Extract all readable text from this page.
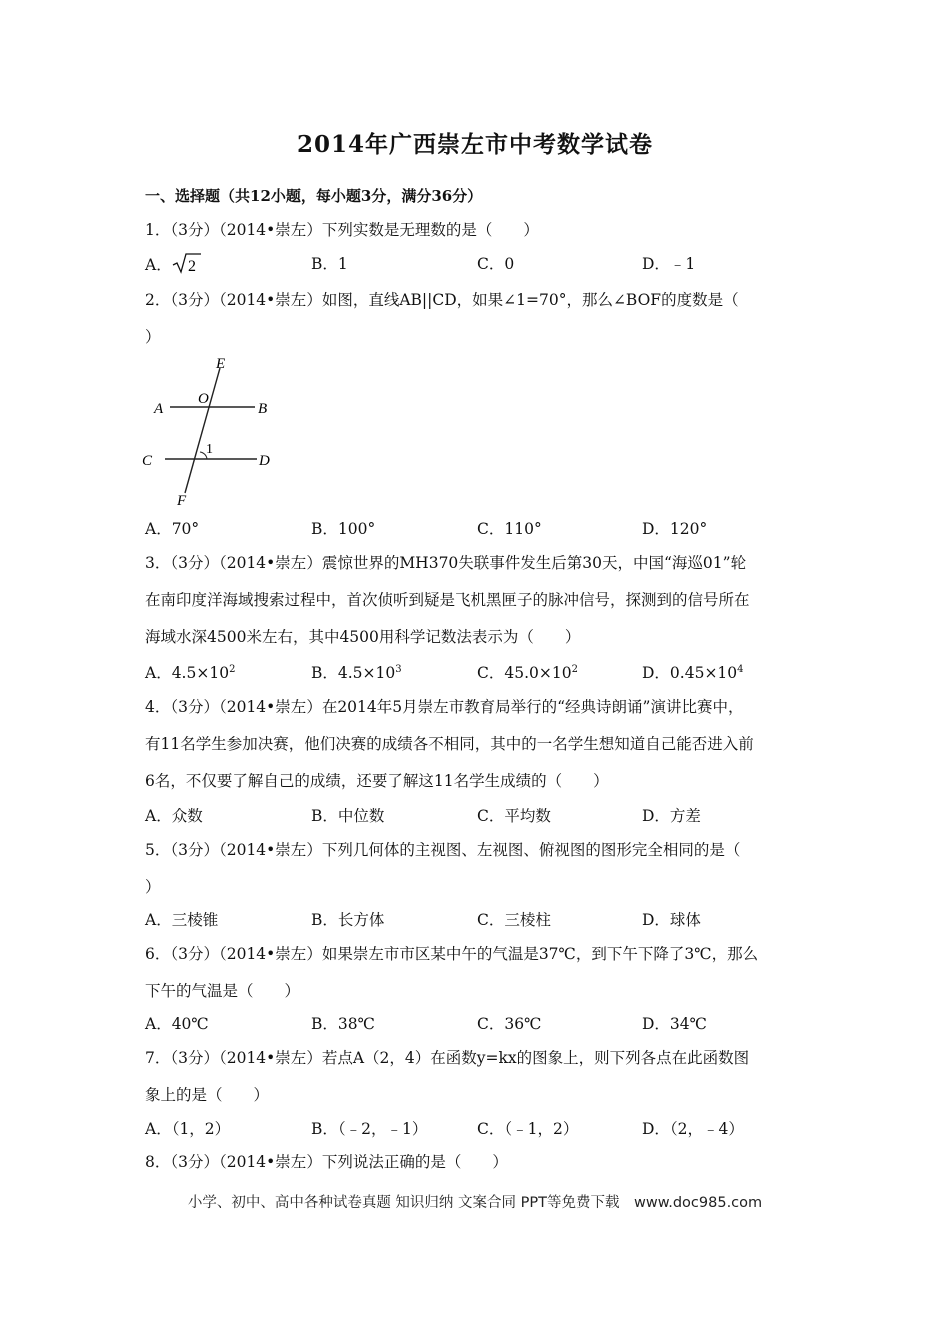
2014年广西崇左市中考数学试卷
一、选择题（共12小题，每小题3分，满分36分）
1．（3分）（2014•崇左）下列实数是无理数的是（　　）
A． 2	B．1	C．0	D．﹣1
2．（3分）（2014•崇左）如图，直线AB||CD，如果∠1=70°，那么∠BOF的度数是（
）
E
O
A	B
1
C	D
F
A．70°	B．100°	C．110°	D．120°
3．（3分）（2014•崇左）震惊世界的MH370失联事件发生后第30天，中国“海巡01”轮
在南印度洋海域搜索过程中，首次侦听到疑是飞机黑匣子的脉冲信号，探测到的信号所在
海域水深4500米左右，其中4500用科学记数法表示为（　　）
A．$4.5\times 10^2$	B．$4.5\times 10^3$	C．$45.0\times 10^2$	D．$0.45\times 10^4$
4．（3分）（2014•崇左）在2014年5月崇左市教育局举行的“经典诗朗诵”演讲比赛中，
有11名学生参加决赛，他们决赛的成绩各不相同，其中的一名学生想知道自己能否进入前
6名，不仅要了解自己的成绩，还要了解这11名学生成绩的（　　）
A．众数	B．中位数	C．平均数	D．方差
5．（3分）（2014•崇左）下列几何体的主视图、左视图、俯视图的图形完全相同的是（
）
A．三棱锥	B．长方体	C．三棱柱	D．球体
6．（3分）（2014•崇左）如果崇左市市区某中午的气温是37℃，到下午下降了3℃，那么
下午的气温是（　　）
A．40℃	B．38℃	C．36℃	D．34℃
7．（3分）（2014•崇左）若点A（2，4）在函数y=kx的图象上，则下列各点在此函数图
象上的是（　　）
A．（1，2）	B．（﹣2，﹣1）	C．（﹣1，2）	D．（2，﹣4）
8．（3分）（2014•崇左）下列说法正确的是（　　）
小学、初中、高中各种试卷真题 知识归纳 文案合同 PPT等免费下载　www.doc985.com
